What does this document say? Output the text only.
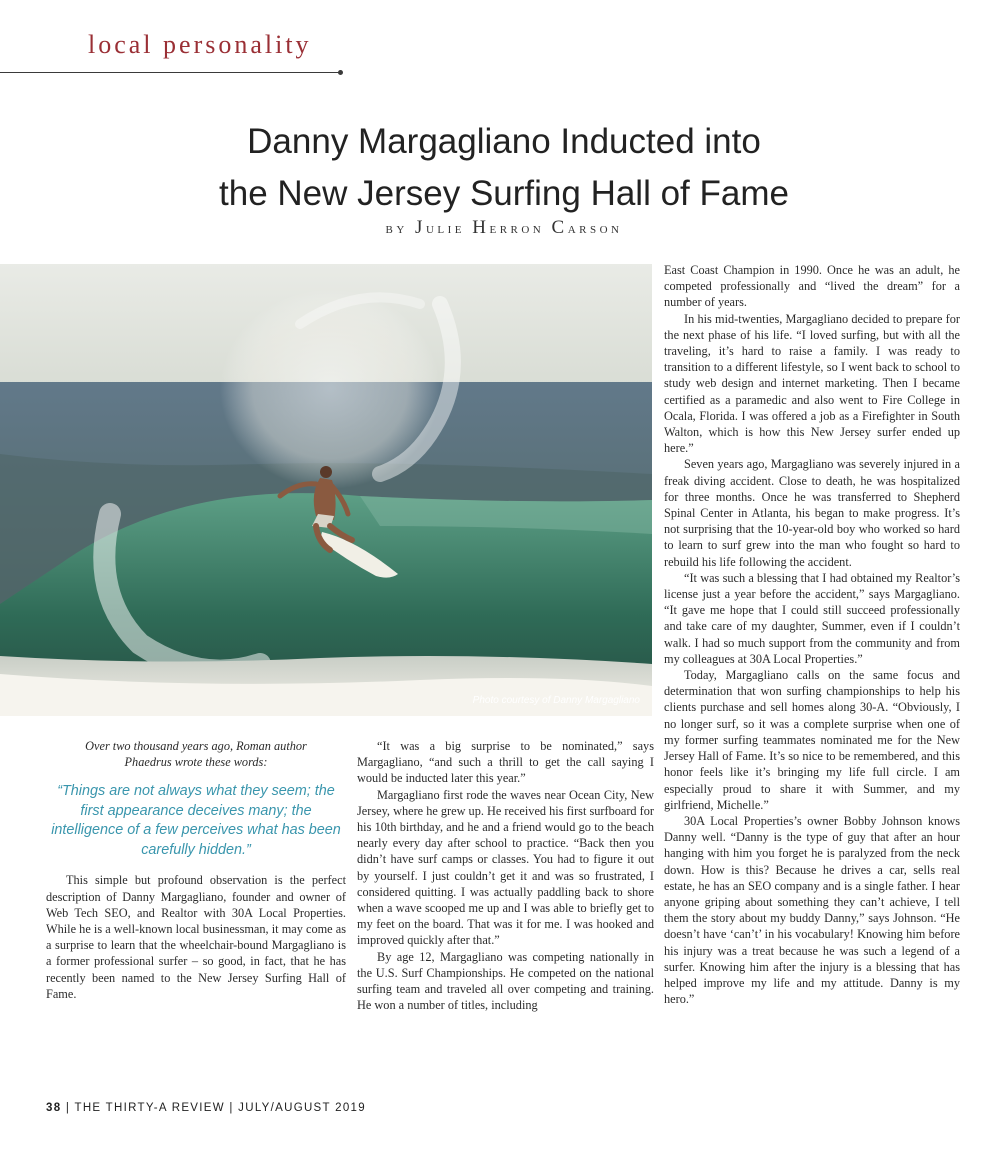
local personality
Danny Margagliano Inducted into
the New Jersey Surfing Hall of Fame
by Julie Herron Carson
Photo courtesy of Danny Margagliano
Over two thousand years ago, Roman author Phaedrus wrote these words:
“Things are not always what they seem; the first appearance deceives many; the intelligence of a few perceives what has been carefully hidden.”

This simple but profound observation is the perfect description of Danny Margagliano, founder and owner of Web Tech SEO, and Realtor with 30A Local Properties. While he is a well-known local businessman, it may come as a surprise to learn that the wheelchair-bound Margagliano is a former professional surfer – so good, in fact, that he has recently been named to the New Jersey Surfing Hall of Fame.

“It was a big surprise to be nominated,” says Margagliano, “and such a thrill to get the call saying I would be inducted later this year.”

Margagliano first rode the waves near Ocean City, New Jersey, where he grew up. He received his first surfboard for his 10th birthday, and he and a friend would go to the beach nearly every day after school to practice. “Back then you didn’t have surf camps or classes. You had to figure it out by yourself. I just couldn’t get it and was so frustrated, I considered quitting. I was actually paddling back to shore when a wave scooped me up and I was able to briefly get to my feet on the board. That was it for me. I was hooked and improved quickly after that.”

By age 12, Margagliano was competing nationally in the U.S. Surf Championships. He competed on the national surfing team and traveled all over competing and training. He won a number of titles, including

East Coast Champion in 1990. Once he was an adult, he competed professionally and “lived the dream” for a number of years.

In his mid-twenties, Margagliano decided to prepare for the next phase of his life. “I loved surfing, but with all the traveling, it’s hard to raise a family. I was ready to transition to a different lifestyle, so I went back to school to study web design and internet marketing. Then I became certified as a paramedic and also went to Fire College in Ocala, Florida. I was offered a job as a Firefighter in South Walton, which is how this New Jersey surfer ended up here.”

Seven years ago, Margagliano was severely injured in a freak diving accident. Close to death, he was hospitalized for three months. Once he was transferred to Shepherd Spinal Center in Atlanta, his began to make progress. It’s not surprising that the 10-year-old boy who worked so hard to learn to surf grew into the man who fought so hard to rebuild his life following the accident.

“It was such a blessing that I had obtained my Realtor’s license just a year before the accident,” says Margagliano. “It gave me hope that I could still succeed professionally and take care of my daughter, Summer, even if I couldn’t walk. I had so much support from the community and from my colleagues at 30A Local Properties.”

Today, Margagliano calls on the same focus and determination that won surfing championships to help his clients purchase and sell homes along 30-A. “Obviously, I no longer surf, so it was a complete surprise when one of my former surfing teammates nominated me for the New Jersey Hall of Fame. It’s so nice to be remembered, and this honor feels like it’s bringing my life full circle. I am especially proud to share it with Summer, and my girlfriend, Michelle.”

30A Local Properties’s owner Bobby Johnson knows Danny well. “Danny is the type of guy that after an hour hanging with him you forget he is paralyzed from the neck down. How is this? Because he drives a car, sells real estate, he has an SEO company and is a single father. I hear anyone griping about something they can’t achieve, I tell them the story about my buddy Danny,” says Johnson. “He doesn’t have ‘can’t’ in his vocabulary! Knowing him before his injury was a treat because he was such a legend of a surfer. Knowing him after the injury is a blessing that has helped improve my life and my attitude. Danny is my hero.”

38 | THE THIRTY-A REVIEW | JULY/AUGUST 2019
